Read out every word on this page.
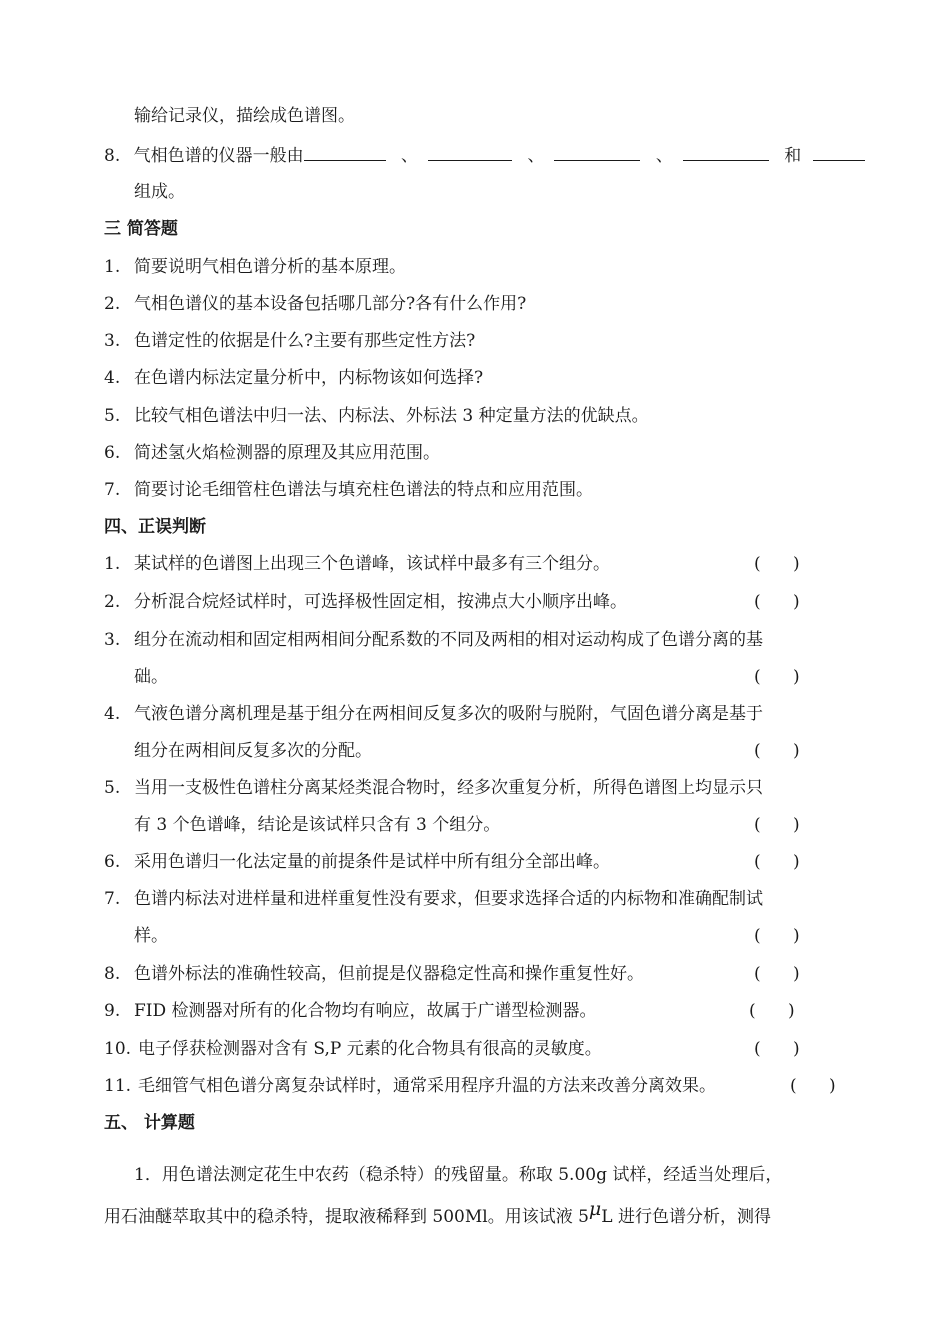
输给记录仪，描绘成色谱图。
8. 气相色谱的仪器一般由	、	、	、	和
组成。
三 简答题
1. 简要说明气相色谱分析的基本原理。
2. 气相色谱仪的基本设备包括哪几部分?各有什么作用?
3. 色谱定性的依据是什么?主要有那些定性方法?
4. 在色谱内标法定量分析中，内标物该如何选择?
5. 比较气相色谱法中归一法、内标法、外标法 3 种定量方法的优缺点。
6. 简述氢火焰检测器的原理及其应用范围。
7. 简要讨论毛细管柱色谱法与填充柱色谱法的特点和应用范围。
四、正误判断
1. 某试样的色谱图上出现三个色谱峰，该试样中最多有三个组分。	(      )
2. 分析混合烷烃试样时，可选择极性固定相，按沸点大小顺序出峰。	(      )
3. 组分在流动相和固定相两相间分配系数的不同及两相的相对运动构成了色谱分离的基
础。	(      )
4. 气液色谱分离机理是基于组分在两相间反复多次的吸附与脱附，气固色谱分离是基于
组分在两相间反复多次的分配。	(      )
5. 当用一支极性色谱柱分离某烃类混合物时，经多次重复分析，所得色谱图上均显示只
有 3 个色谱峰，结论是该试样只含有 3 个组分。	(      )
6. 采用色谱归一化法定量的前提条件是试样中所有组分全部出峰。	(      )
7. 色谱内标法对进样量和进样重复性没有要求，但要求选择合适的内标物和准确配制试
样。	(      )
8. 色谱外标法的准确性较高，但前提是仪器稳定性高和操作重复性好。	(      )
9. FID 检测器对所有的化合物均有响应，故属于广谱型检测器。	(      )
10. 电子俘获检测器对含有 S,P 元素的化合物具有很高的灵敏度。	(      )
11. 毛细管气相色谱分离复杂试样时，通常采用程序升温的方法来改善分离效果。	(      )
五、 计算题
1．用色谱法测定花生中农药（稳杀特）的残留量。称取 5.00g 试样，经适当处理后，
用石油醚萃取其中的稳杀特，提取液稀释到 500Ml。用该试液 5μL 进行色谱分析，测得
